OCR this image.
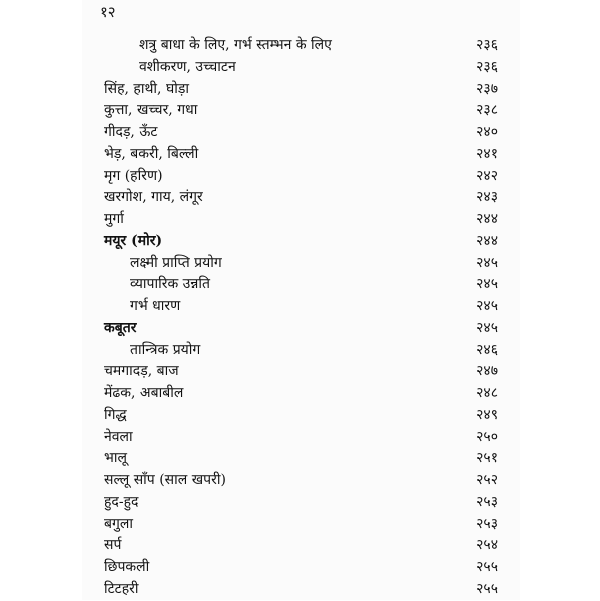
१२
शत्रु बाधा के लिए, गर्भ स्तम्भन के लिए	२३६
वशीकरण, उच्चाटन	२३६
सिंह, हाथी, घोड़ा	२३७
कुत्ता, खच्चर, गधा	२३८
गीदड़, ऊँट	२४०
भेड़, बकरी, बिल्ली	२४१
मृग (हरिण)	२४२
खरगोश, गाय, लंगूर	२४३
मुर्गा	२४४
मयूर (मोर)	२४४
लक्ष्मी प्राप्ति प्रयोग	२४५
व्यापारिक उन्नति	२४५
गर्भ धारण	२४५
कबूतर	२४५
तान्त्रिक प्रयोग	२४६
चमगादड़, बाज	२४७
मेंढक, अबाबील	२४८
गिद्ध	२४९
नेवला	२५०
भालू	२५१
सल्लू साँप (साल खपरी)	२५२
हुद-हुद	२५३
बगुला	२५३
सर्प	२५४
छिपकली	२५५
टिटहरी	२५५
